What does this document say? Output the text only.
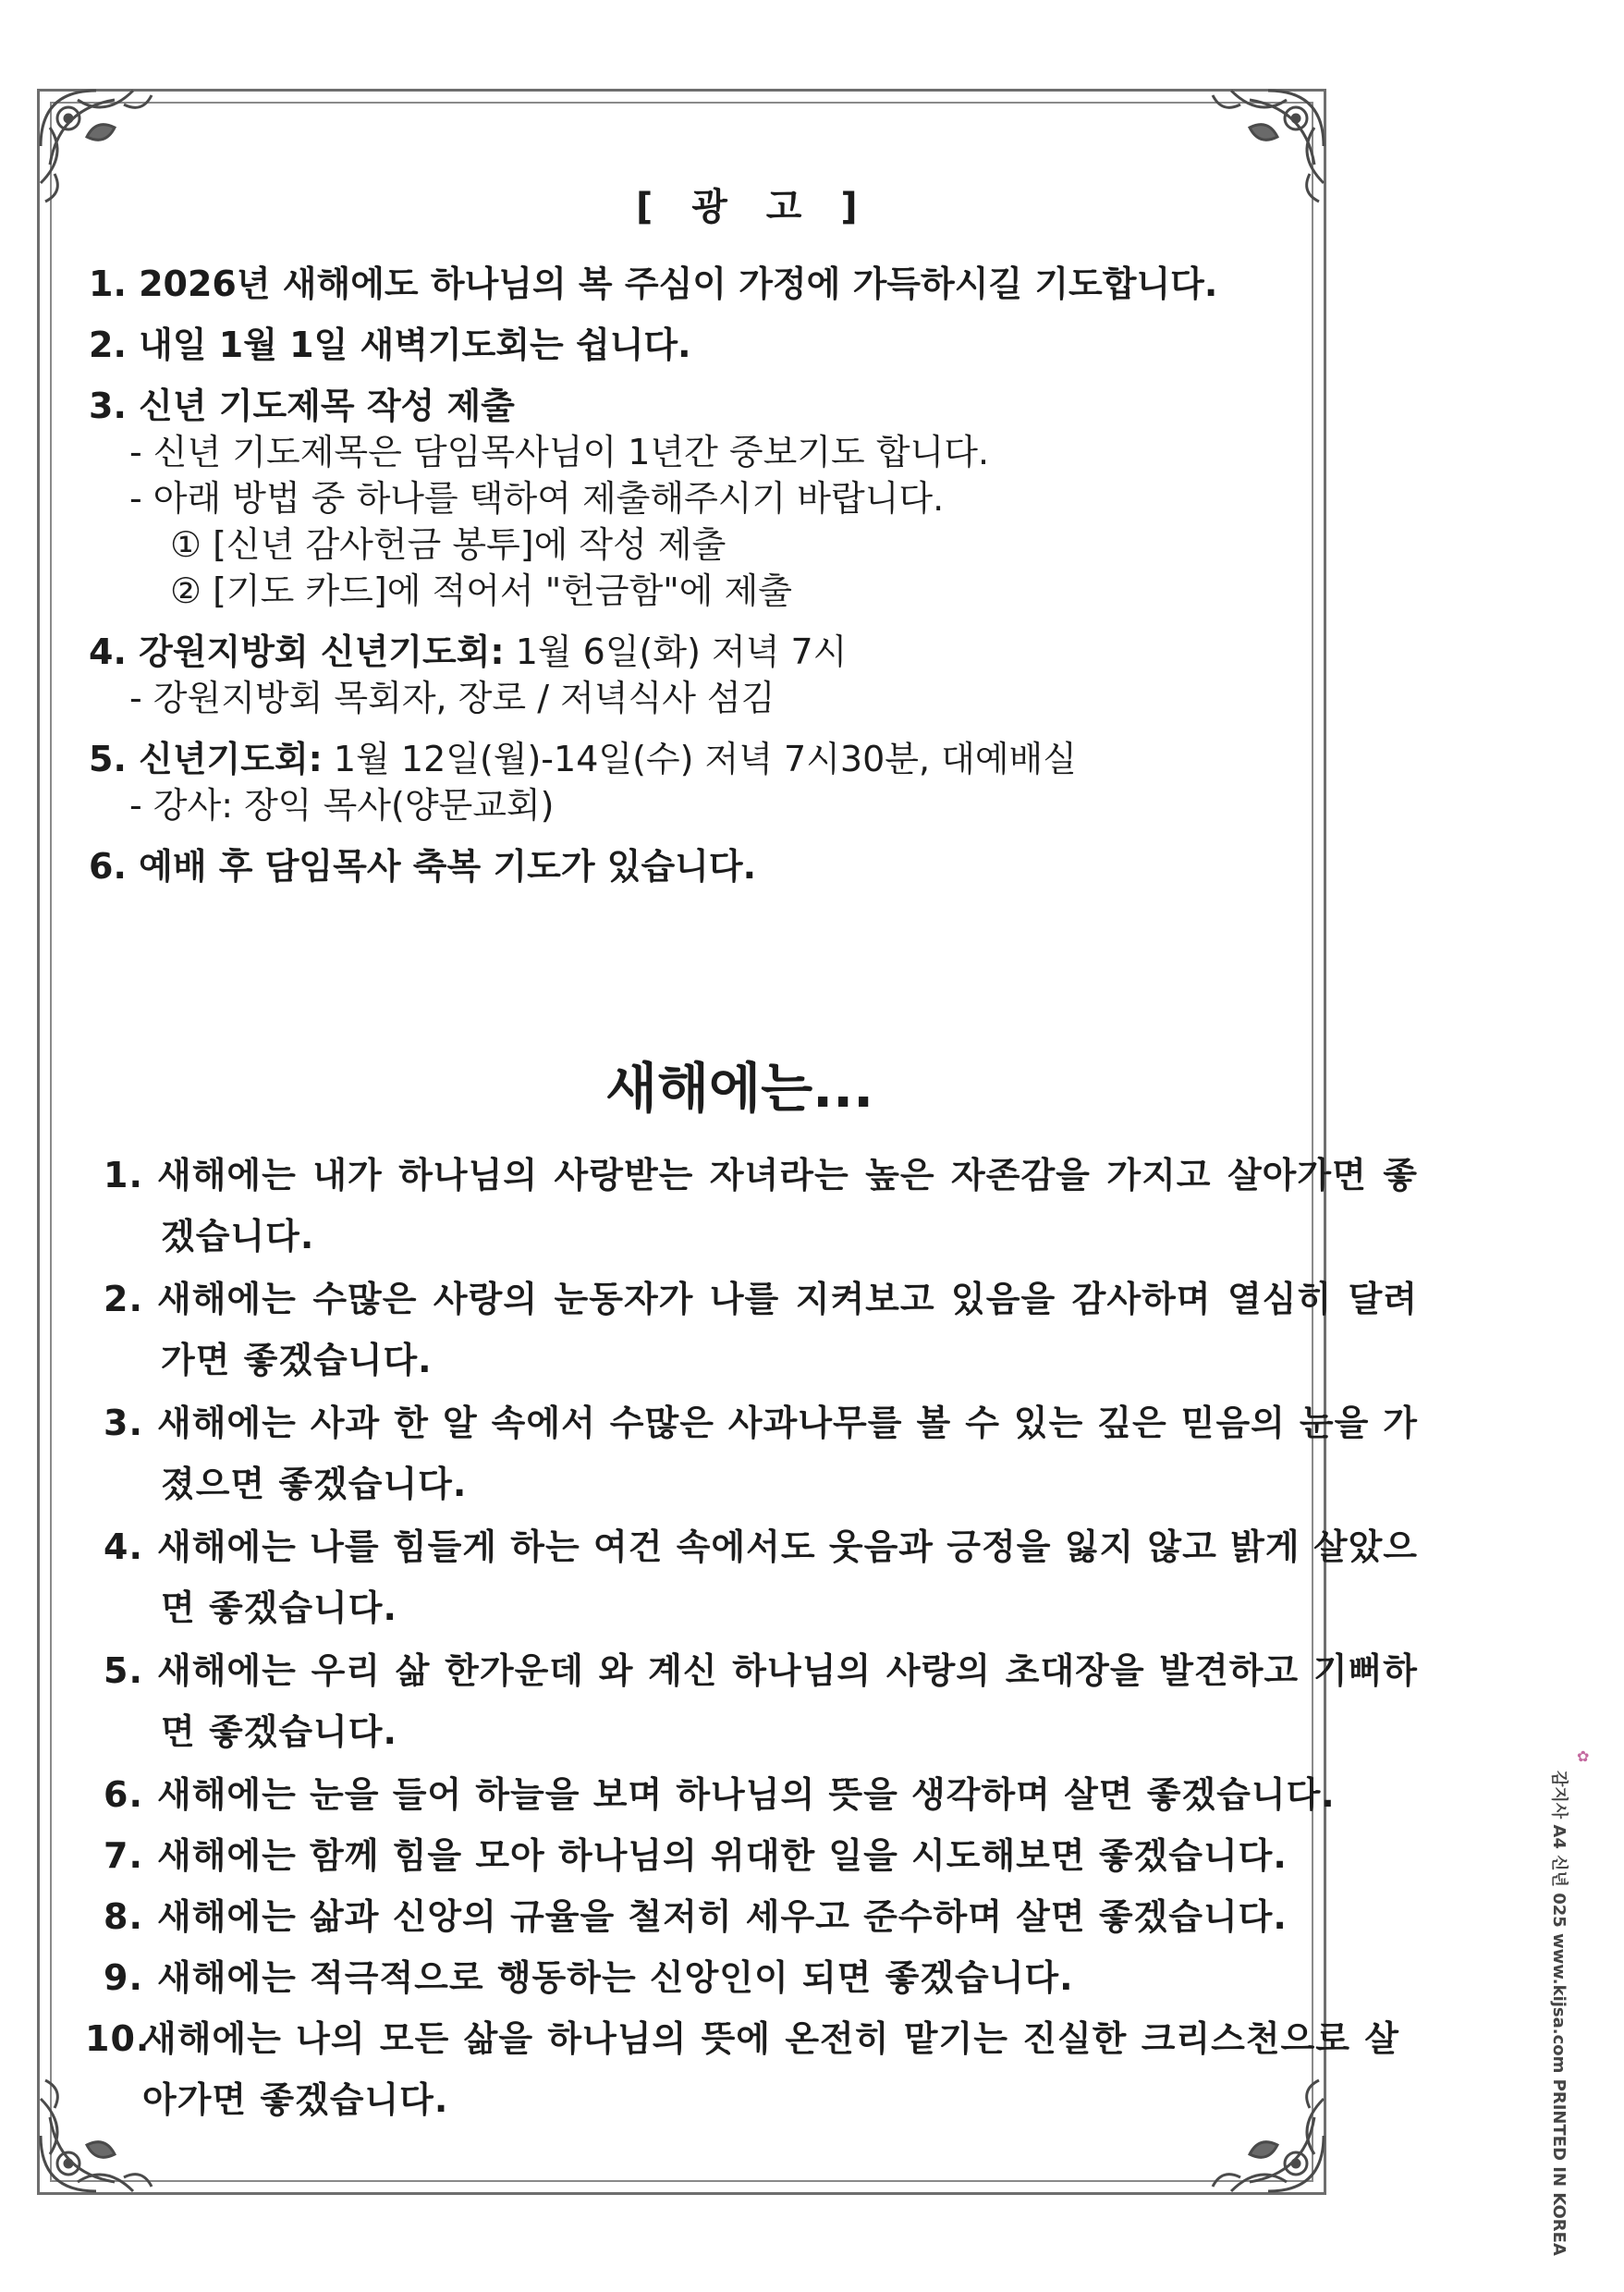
[ 광 고 ]
1. 2026년 새해에도 하나님의 복 주심이 가정에 가득하시길 기도합니다.
2. 내일 1월 1일 새벽기도회는 쉽니다.
3. 신년 기도제목 작성 제출
- 신년 기도제목은 담임목사님이 1년간 중보기도 합니다.
- 아래 방법 중 하나를 택하여 제출해주시기 바랍니다.
① [신년 감사헌금 봉투]에 작성 제출
② [기도 카드]에 적어서 "헌금함"에 제출
4. 강원지방회 신년기도회: 1월 6일(화) 저녁 7시
- 강원지방회 목회자, 장로 / 저녁식사 섬김
5. 신년기도회: 1월 12일(월)-14일(수) 저녁 7시30분, 대예배실
- 강사: 장익 목사(양문교회)
6. 예배 후 담임목사 축복 기도가 있습니다.
새해에는...
1. 새해에는 내가 하나님의 사랑받는 자녀라는 높은 자존감을 가지고 살아가면 좋겠습니다.
2. 새해에는 수많은 사랑의 눈동자가 나를 지켜보고 있음을 감사하며 열심히 달려가면 좋겠습니다.
3. 새해에는 사과 한 알 속에서 수많은 사과나무를 볼 수 있는 깊은 믿음의 눈을 가졌으면 좋겠습니다.
4. 새해에는 나를 힘들게 하는 여건 속에서도 웃음과 긍정을 잃지 않고 밝게 살았으면 좋겠습니다.
5. 새해에는 우리 삶 한가운데 와 계신 하나님의 사랑의 초대장을 발견하고 기뻐하면 좋겠습니다.
6. 새해에는 눈을 들어 하늘을 보며 하나님의 뜻을 생각하며 살면 좋겠습니다.
7. 새해에는 함께 힘을 모아 하나님의 위대한 일을 시도해보면 좋겠습니다.
8. 새해에는 삶과 신앙의 규율을 철저히 세우고 준수하며 살면 좋겠습니다.
9. 새해에는 적극적으로 행동하는 신앙인이 되면 좋겠습니다.
10.새해에는 나의 모든 삶을 하나님의 뜻에 온전히 맡기는 진실한 크리스천으로 살아가면 좋겠습니다.
✿
감지사 A4 신년 025 www.kijsa.com PRINTED IN KOREA
